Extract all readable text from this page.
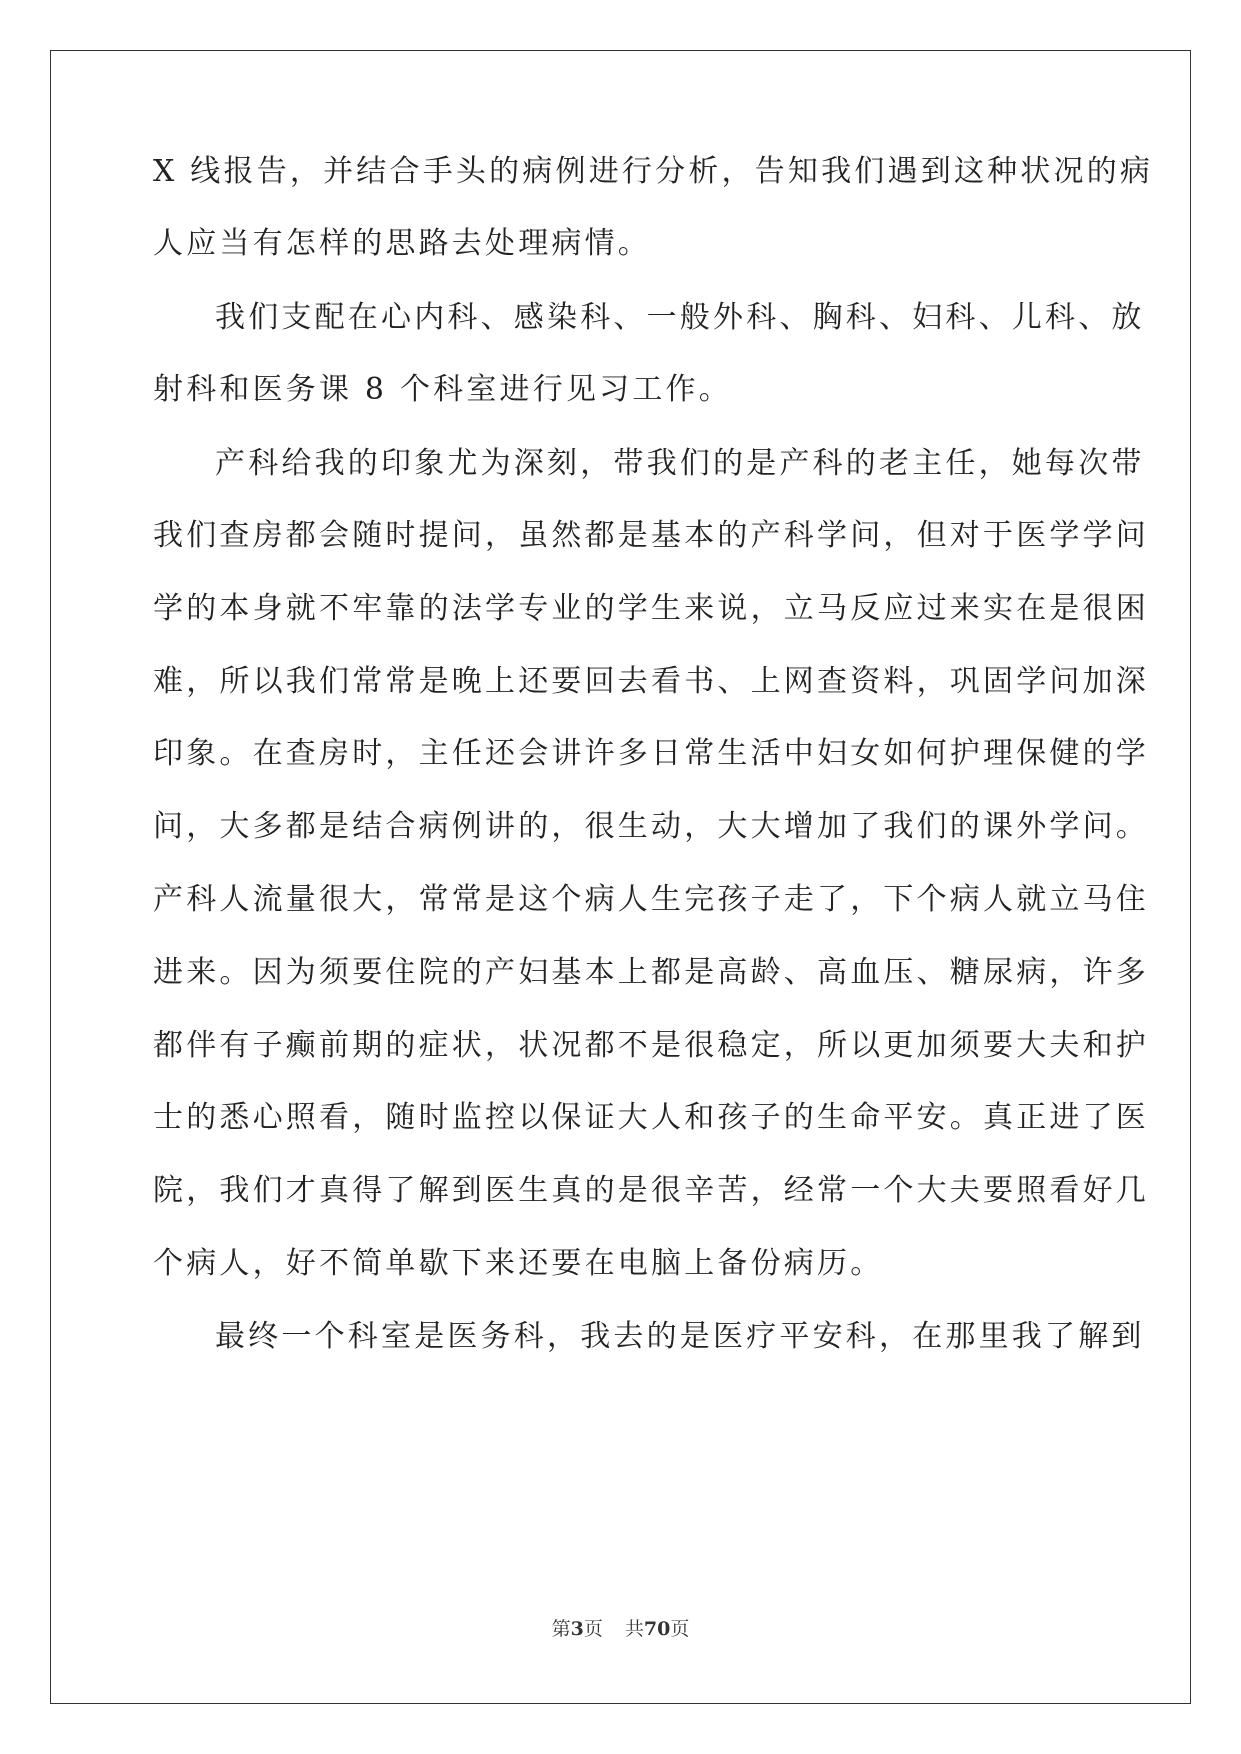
X 线报告，并结合手头的病例进行分析，告知我们遇到这种状况的病
人应当有怎样的思路去处理病情。
我们支配在心内科、感染科、一般外科、胸科、妇科、儿科、放
射科和医务课 8 个科室进行见习工作。
产科给我的印象尤为深刻，带我们的是产科的老主任，她每次带
我们查房都会随时提问，虽然都是基本的产科学问，但对于医学学问
学的本身就不牢靠的法学专业的学生来说，立马反应过来实在是很困
难，所以我们常常是晚上还要回去看书、上网查资料，巩固学问加深
印象。在查房时，主任还会讲许多日常生活中妇女如何护理保健的学
问，大多都是结合病例讲的，很生动，大大增加了我们的课外学问。
产科人流量很大，常常是这个病人生完孩子走了，下个病人就立马住
进来。因为须要住院的产妇基本上都是高龄、高血压、糖尿病，许多
都伴有子癫前期的症状，状况都不是很稳定，所以更加须要大夫和护
士的悉心照看，随时监控以保证大人和孩子的生命平安。真正进了医
院，我们才真得了解到医生真的是很辛苦，经常一个大夫要照看好几
个病人，好不简单歇下来还要在电脑上备份病历。
最终一个科室是医务科，我去的是医疗平安科，在那里我了解到
第3页 共70页
